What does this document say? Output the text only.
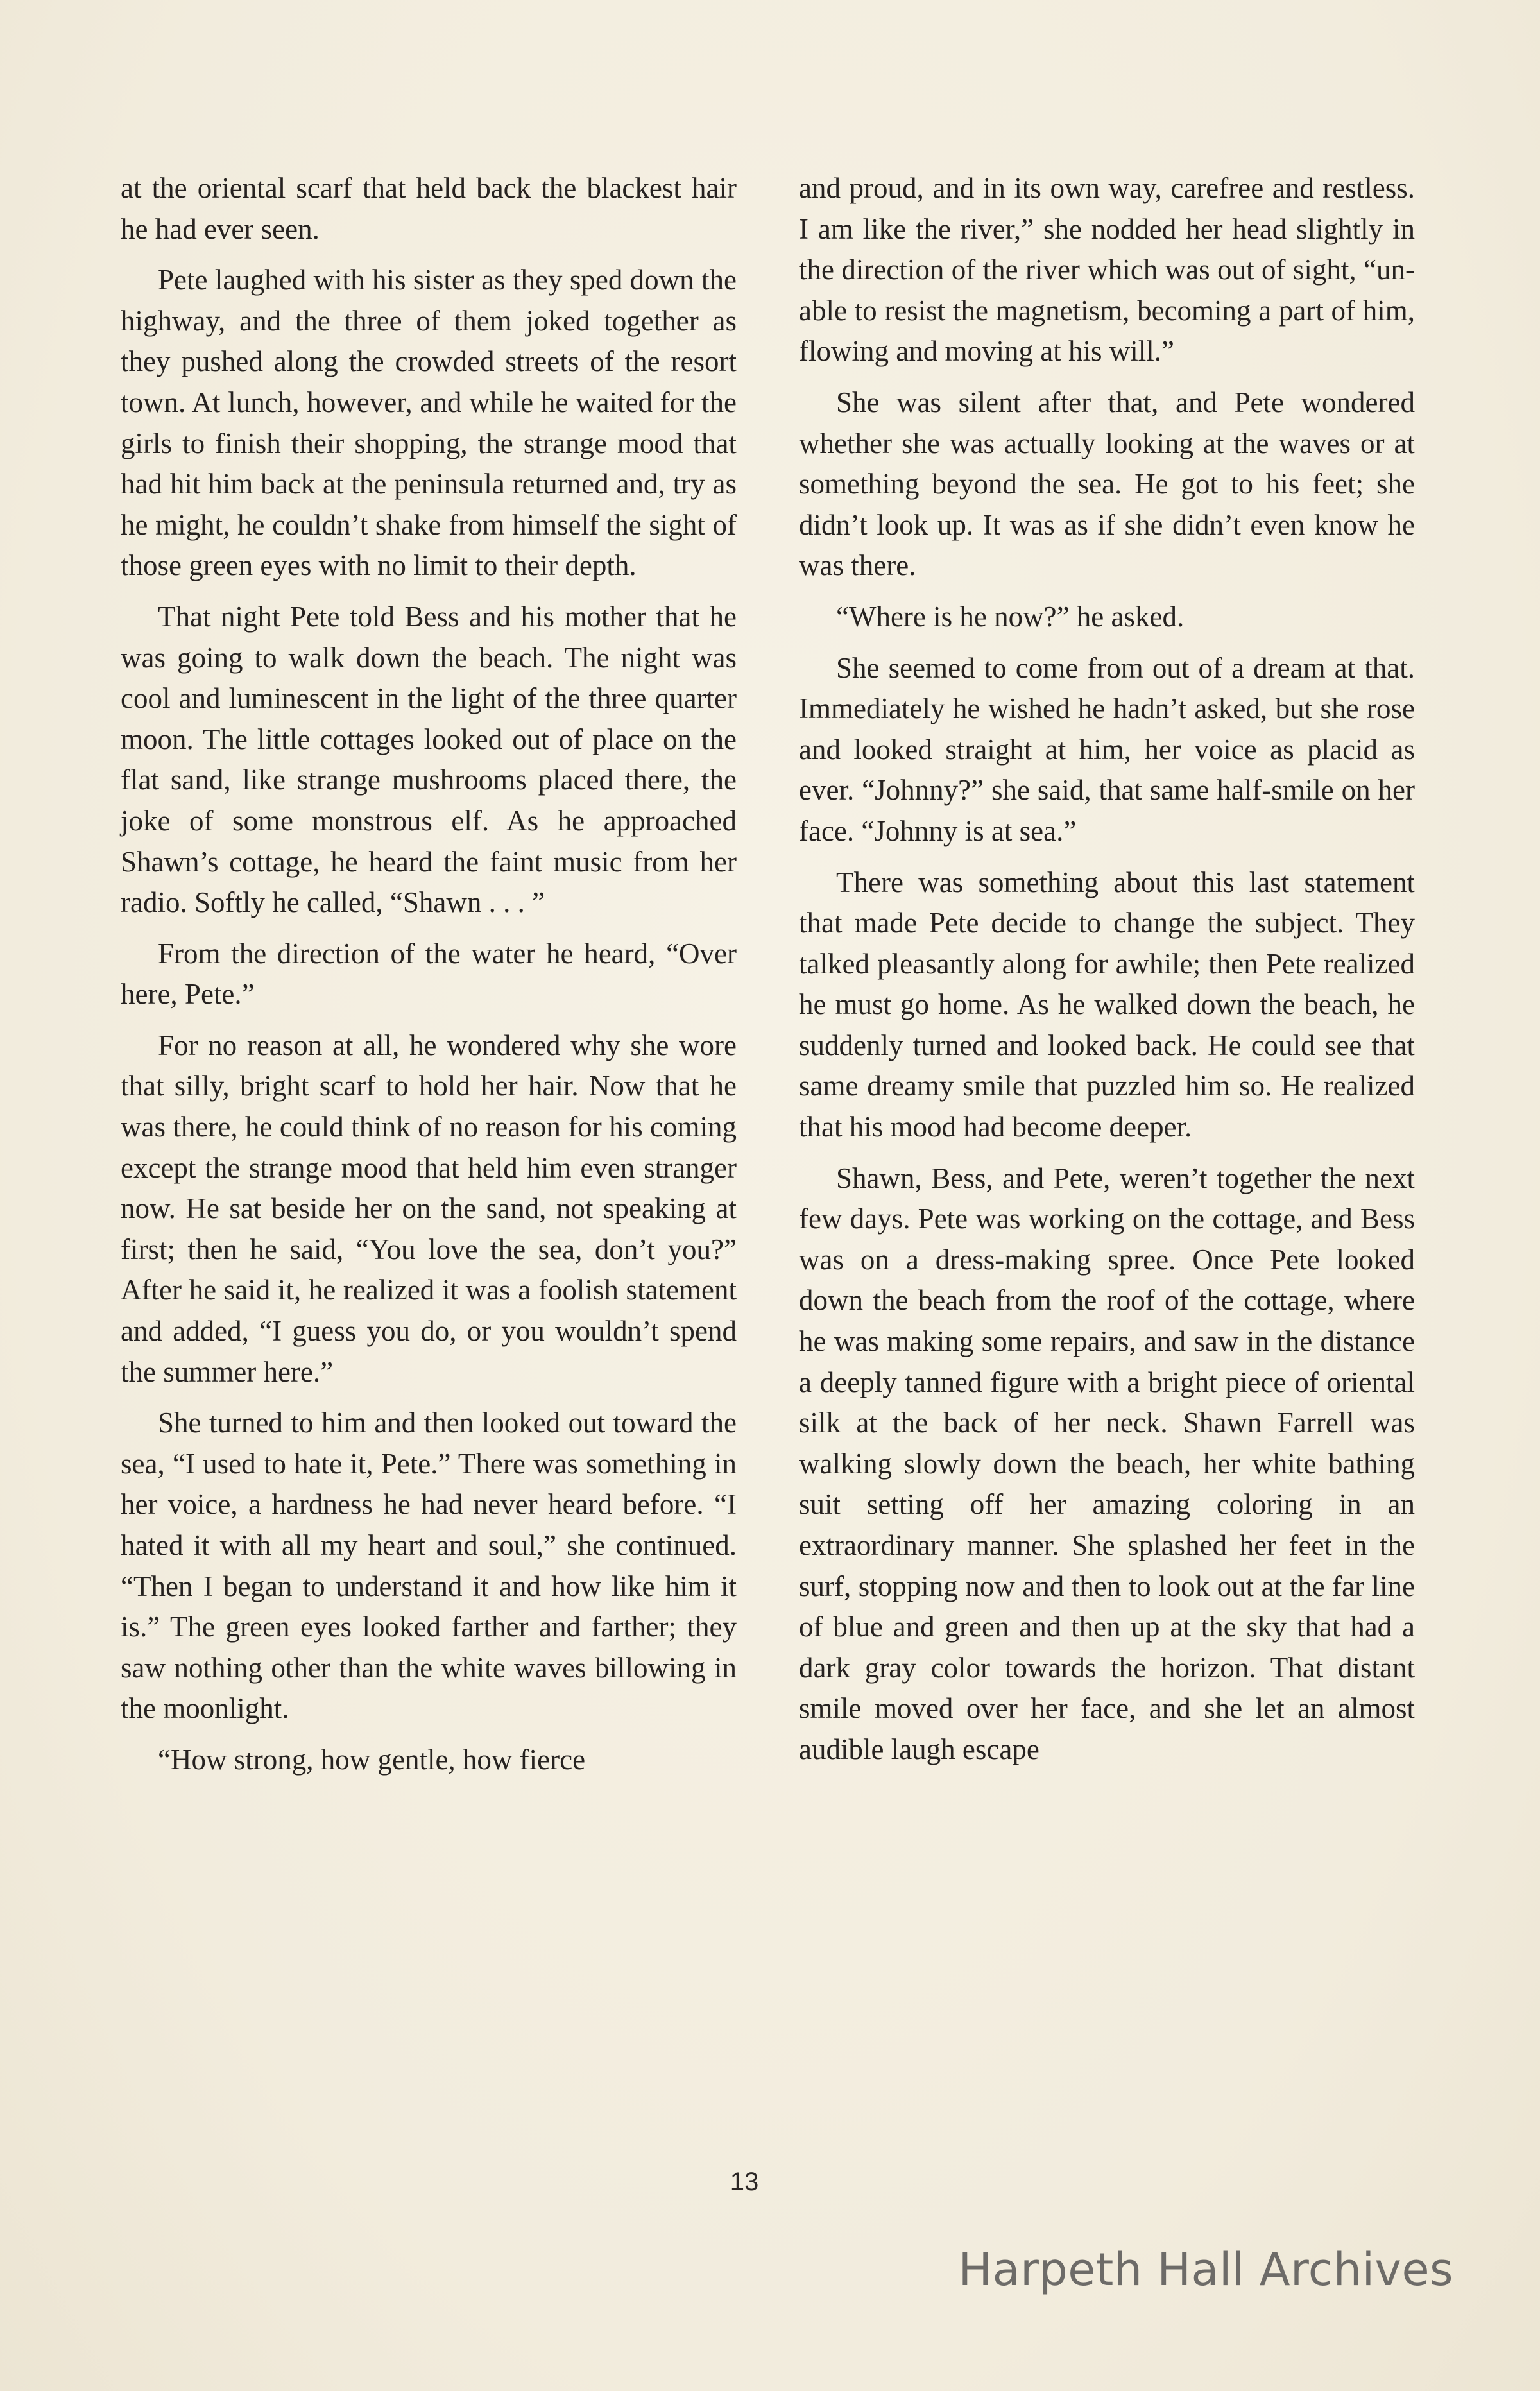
at the oriental scarf that held back the blackest hair he had ever seen.

Pete laughed with his sister as they sped down the highway, and the three of them joked together as they pushed along the crowded streets of the resort town. At lunch, however, and while he waited for the girls to finish their shopping, the strange mood that had hit him back at the peninsula returned and, try as he might, he couldn’t shake from himself the sight of those green eyes with no limit to their depth.

That night Pete told Bess and his mother that he was going to walk down the beach. The night was cool and luminescent in the light of the three quarter moon. The little cottages looked out of place on the flat sand, like strange mushrooms placed there, the joke of some monstrous elf. As he approached Shawn’s cottage, he heard the faint music from her radio. Softly he called, “Shawn . . . ”

From the direction of the water he heard, “Over here, Pete.”

For no reason at all, he wondered why she wore that silly, bright scarf to hold her hair. Now that he was there, he could think of no reason for his coming except the strange mood that held him even stranger now. He sat beside her on the sand, not speaking at first; then he said, “You love the sea, don’t you?” After he said it, he realized it was a foolish statement and added, “I guess you do, or you wouldn’t spend the summer here.”

She turned to him and then looked out toward the sea, “I used to hate it, Pete.” There was something in her voice, a hardness he had never heard before. “I hated it with all my heart and soul,” she continued. “Then I began to understand it and how like him it is.” The green eyes looked farther and farther; they saw nothing other than the white waves billowing in the moonlight.

“How strong, how gentle, how fierce

and proud, and in its own way, carefree and restless. I am like the river,” she nodded her head slightly in the direction of the river which was out of sight, “unable to resist the magnetism, becoming a part of him, flowing and moving at his will.”

She was silent after that, and Pete wondered whether she was actually looking at the waves or at something beyond the sea. He got to his feet; she didn’t look up. It was as if she didn’t even know he was there.

“Where is he now?” he asked.

She seemed to come from out of a dream at that. Immediately he wished he hadn’t asked, but she rose and looked straight at him, her voice as placid as ever. “Johnny?” she said, that same half-smile on her face. “Johnny is at sea.”

There was something about this last statement that made Pete decide to change the subject. They talked pleasantly along for awhile; then Pete realized he must go home. As he walked down the beach, he suddenly turned and looked back. He could see that same dreamy smile that puzzled him so. He realized that his mood had become deeper.

Shawn, Bess, and Pete, weren’t together the next few days. Pete was working on the cottage, and Bess was on a dress-making spree. Once Pete looked down the beach from the roof of the cottage, where he was making some repairs, and saw in the distance a deeply tanned figure with a bright piece of oriental silk at the back of her neck. Shawn Farrell was walking slowly down the beach, her white bathing suit setting off her amazing coloring in an extraordinary manner. She splashed her feet in the surf, stopping now and then to look out at the far line of blue and green and then up at the sky that had a dark gray color towards the horizon. That distant smile moved over her face, and she let an almost audible laugh escape

13
Harpeth Hall Archives
